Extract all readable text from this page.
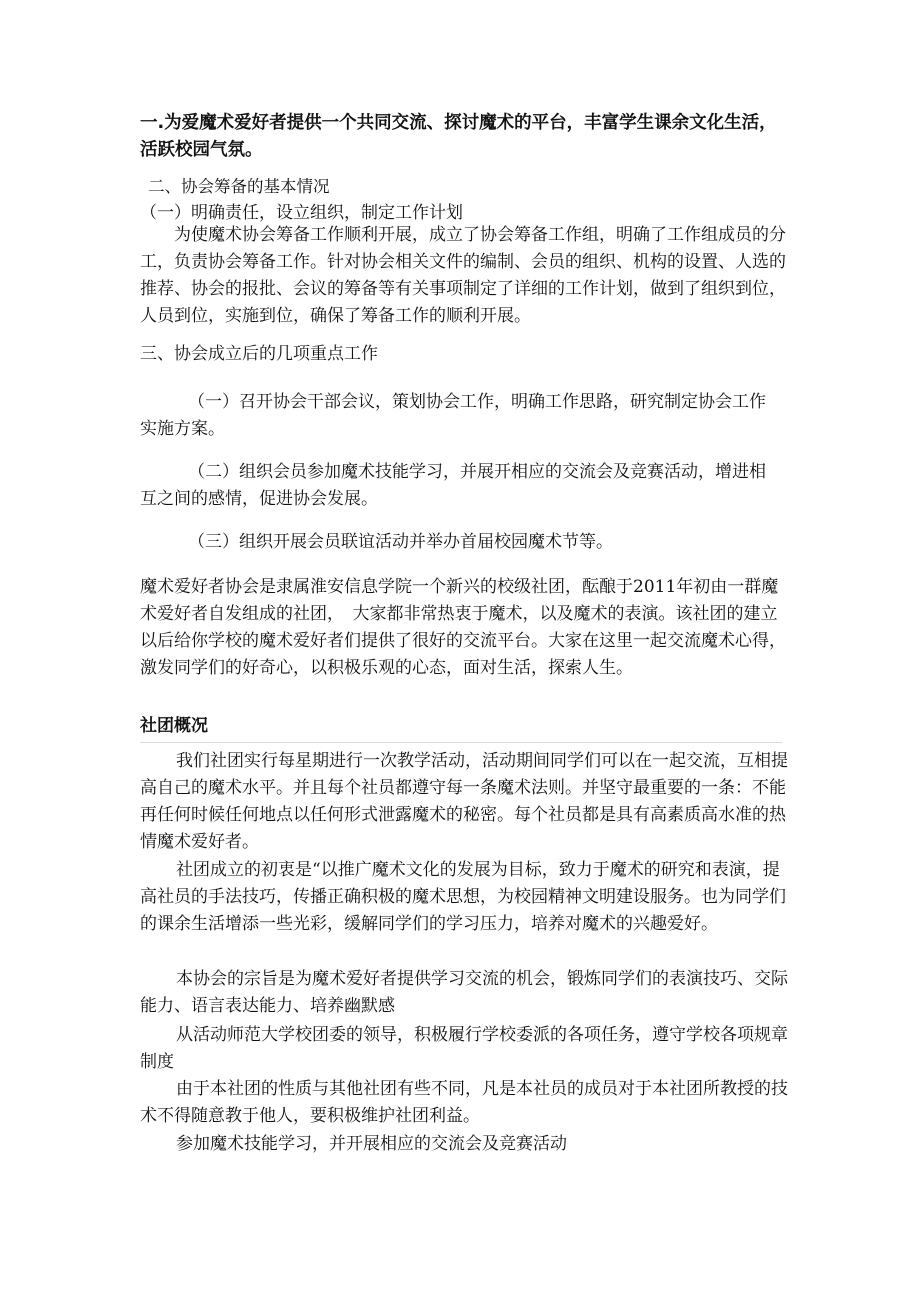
一.为爱魔术爱好者提供一个共同交流、探讨魔术的平台，丰富学生课余文化生活，活跃校园气氛。

二、协会筹备的基本情况

（一）明确责任，设立组织，制定工作计划

为使魔术协会筹备工作顺利开展，成立了协会筹备工作组，明确了工作组成员的分工，负责协会筹备工作。针对协会相关文件的编制、会员的组织、机构的设置、人选的推荐、协会的报批、会议的筹备等有关事项制定了详细的工作计划，做到了组织到位，人员到位，实施到位，确保了筹备工作的顺利开展。

三、协会成立后的几项重点工作

（一）召开协会干部会议，策划协会工作，明确工作思路，研究制定协会工作实施方案。

（二）组织会员参加魔术技能学习，并展开相应的交流会及竞赛活动，增进相互之间的感情，促进协会发展。

（三）组织开展会员联谊活动并举办首届校园魔术节等。

魔术爱好者协会是隶属淮安信息学院一个新兴的校级社团，酝酿于2011年初由一群魔术爱好者自发组成的社团，　大家都非常热衷于魔术，以及魔术的表演。该社团的建立以后给你学校的魔术爱好者们提供了很好的交流平台。大家在这里一起交流魔术心得，激发同学们的好奇心，以积极乐观的心态，面对生活，探索人生。

社团概况

我们社团实行每星期进行一次教学活动，活动期间同学们可以在一起交流，互相提高自己的魔术水平。并且每个社员都遵守每一条魔术法则。并坚守最重要的一条：不能再任何时候任何地点以任何形式泄露魔术的秘密。每个社员都是具有高素质高水准的热情魔术爱好者。

社团成立的初衷是“以推广魔术文化的发展为目标，致力于魔术的研究和表演，提高社员的手法技巧，传播正确积极的魔术思想，为校园精神文明建设服务。也为同学们的课余生活增添一些光彩，缓解同学们的学习压力，培养对魔术的兴趣爱好。

本协会的宗旨是为魔术爱好者提供学习交流的机会，锻炼同学们的表演技巧、交际能力、语言表达能力、培养幽默感

从活动师范大学校团委的领导，积极履行学校委派的各项任务，遵守学校各项规章制度

由于本社团的性质与其他社团有些不同，凡是本社员的成员对于本社团所教授的技术不得随意教于他人，要积极维护社团利益。

参加魔术技能学习，并开展相应的交流会及竞赛活动
